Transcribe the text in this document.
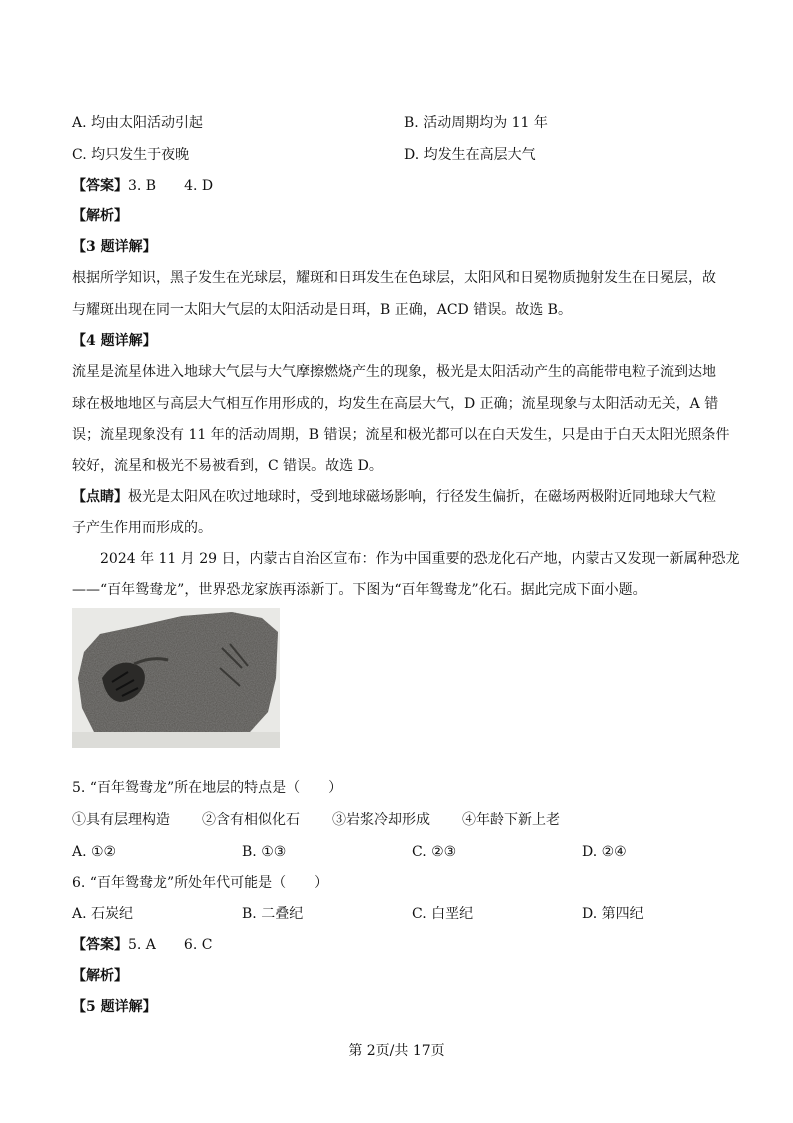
A. 均由太阳活动引起	B. 活动周期均为 11 年
C. 均只发生于夜晚	D. 均发生在高层大气
【答案】3. B　　4. D
【解析】
【3 题详解】
根据所学知识，黑子发生在光球层，耀斑和日珥发生在色球层，太阳风和日冕物质抛射发生在日冕层，故
与耀斑出现在同一太阳大气层的太阳活动是日珥，B 正确，ACD 错误。故选 B。
【4 题详解】
流星是流星体进入地球大气层与大气摩擦燃烧产生的现象，极光是太阳活动产生的高能带电粒子流到达地
球在极地地区与高层大气相互作用形成的，均发生在高层大气，D 正确；流星现象与太阳活动无关，A 错
误；流星现象没有 11 年的活动周期，B 错误；流星和极光都可以在白天发生，只是由于白天太阳光照条件
较好，流星和极光不易被看到，C 错误。故选 D。
【点睛】极光是太阳风在吹过地球时，受到地球磁场影响，行径发生偏折，在磁场两极附近同地球大气粒
子产生作用而形成的。
2024 年 11 月 29 日，内蒙古自治区宣布：作为中国重要的恐龙化石产地，内蒙古又发现一新属种恐龙
——“百年鸳鸯龙”，世界恐龙家族再添新丁。下图为“百年鸳鸯龙”化石。据此完成下面小题。
5. “百年鸳鸯龙”所在地层的特点是（　　）
①具有层理构造 ②含有相似化石 ③岩浆冷却形成 ④年龄下新上老
A. ①②	B. ①③	C. ②③	D. ②④
6. “百年鸳鸯龙”所处年代可能是（　　）
A. 石炭纪	B. 二叠纪	C. 白垩纪	D. 第四纪
【答案】5. A　　6. C
【解析】
【5 题详解】
第 2页/共 17页
